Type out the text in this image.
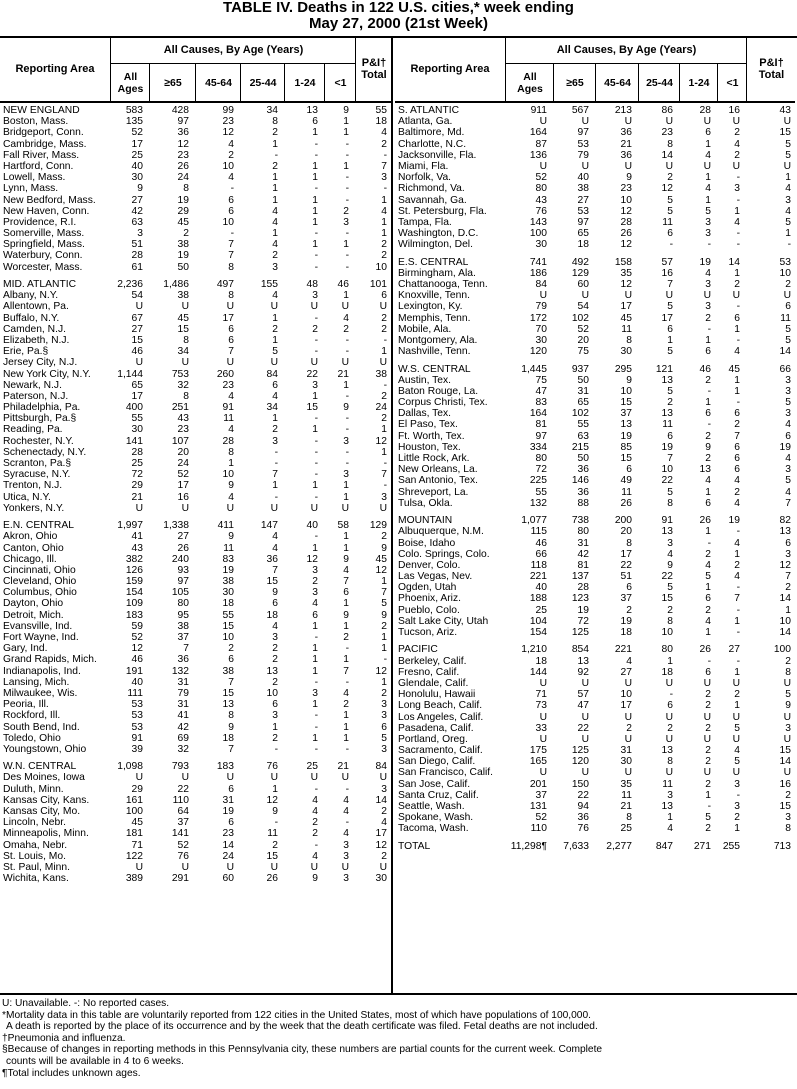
TABLE IV. Deaths in 122 U.S. cities,* week ending
May 27, 2000 (21st Week)
Reporting Area
All Causes, By Age (Years)
P&I†
Total
All
Ages	≥65	45-64	25-44	1-24	<1
NEW ENGLAND	583	428	99	34	13 9	55
Boston, Mass.	135	97	23	8	6 1	18
Bridgeport, Conn.	52	36	12	2	1 1	4
Cambridge, Mass.	17	12	4	1	-	-	2
Fall River, Mass.	25	23	2	-	-	-	-
Hartford, Conn.	40	26	10	2	1 1	7
Lowell, Mass.	30	24	4	1	1	-	3
Lynn, Mass.	9	8	-	1	-	-	-
New Bedford, Mass.	27	19	6	1	1	-	1
New Haven, Conn.	42	29	6	4	1 2	4
Providence, R.I.	63	45	10	4	1 3	1
Somerville, Mass.	3	2	-	1	-	-	1
Springfield, Mass.	51	38	7	4	1 1	2
Waterbury, Conn.	28	19	7	2	-	-	2
Worcester, Mass.	61	50	8	3	-	-	10
MID. ATLANTIC	2,236 1,486	497	155	48 46 101
Albany, N.Y.	54	38	8	4	3 1	6
Allentown, Pa.	U	U	U	U	U U	U
Buffalo, N.Y.	67	45	17	1	- 4	2
Camden, N.J.	27	15	6	2	2 2	2
Elizabeth, N.J.	15	8	6	1	-	-	-
Erie, Pa.§	46	34	7	5	-	-	1
Jersey City, N.J.	U	U	U	U	U U	U
New York City, N.Y.	1,144	753	260	84	22 21	38
Newark, N.J.	65	32	23	6	3 1	-
Paterson, N.J.	17	8	4	4	1	-	2
Philadelphia, Pa.	400	251	91	34	15 9	24
Pittsburgh, Pa.§	55	43	11	1	-	-	2
Reading, Pa.	30	23	4	2	1	-	1
Rochester, N.Y.	141	107	28	3	- 3	12
Schenectady, N.Y.	28	20	8	-	-	-	1
Scranton, Pa.§	25	24	1	-	-	-	-
Syracuse, N.Y.	72	52	10	7	- 3	7
Trenton, N.J.	29	17	9	1	1 1	-
Utica, N.Y.	21	16	4	-	- 1	3
Yonkers, N.Y.	U	U	U	U	U U	U
E.N. CENTRAL	1,997 1,338	411	147	40 58 129
Akron, Ohio	41	27	9	4	- 1	2
Canton, Ohio	43	26	11	4	1 1	9
Chicago, Ill.	382	240	83	36	12 9	45
Cincinnati, Ohio	126	93	19	7	3 4	12
Cleveland, Ohio	159	97	38	15	2 7	1
Columbus, Ohio	154	105	30	9	3 6	7
Dayton, Ohio	109	80	18	6	4 1	5
Detroit, Mich.	183	95	55	18	6 9	9
Evansville, Ind.	59	38	15	4	1 1	2
Fort Wayne, Ind.	52	37	10	3	- 2	1
Gary, Ind.	12	7	2	2	1	-	1
Grand Rapids, Mich.	46	36	6	2	1 1	-
Indianapolis, Ind.	191	132	38	13	1 7	12
Lansing, Mich.	40	31	7	2	-	-	1
Milwaukee, Wis.	111	79	15	10	3 4	2
Peoria, Ill.	53	31	13	6	1 2	3
Rockford, Ill.	53	41	8	3	- 1	3
South Bend, Ind.	53	42	9	1	- 1	6
Toledo, Ohio	91	69	18	2	1 1	5
Youngstown, Ohio	39	32	7	-	-	-	3
W.N. CENTRAL	1,098	793	183	76	25 21	84
Des Moines, Iowa	U	U	U	U	U U	U
Duluth, Minn.	29	22	6	1	-	-	3
Kansas City, Kans.	161	110	31	12	4 4	14
Kansas City, Mo.	100	64	19	9	4 4	2
Lincoln, Nebr.	45	37	6	-	2	-	4
Minneapolis, Minn.	181	141	23	11	2 4	17
Omaha, Nebr.	71	52	14	2	- 3	12
St. Louis, Mo.	122	76	24	15	4 3	2
St. Paul, Minn.	U	U	U	U	U U	U
Wichita, Kans.	389	291	60	26	9 3	30
Reporting Area
All Causes, By Age (Years)
P&I†
Total
All
Ages	≥65	45-64	25-44	1-24	<1
S. ATLANTIC	911 567	213	86	28 16	43
Atlanta, Ga.	U	U	U	U	U U	U
Baltimore, Md.	164	97	36	23	6 2	15
Charlotte, N.C.	87	53	21	8	1 4	5
Jacksonville, Fla.	136	79	36	14	4 2	5
Miami, Fla.	U	U	U	U	U U	U
Norfolk, Va.	52	40	9	2	1 -	1
Richmond, Va.	80	38	23	12	4 3	4
Savannah, Ga.	43	27	10	5	1 -	3
St. Petersburg, Fla.	76	53	12	5	5 1	4
Tampa, Fla.	143	97	28	11	3 4	5
Washington, D.C.	100	65	26	6	3 -	1
Wilmington, Del.	30	18	12	-	- -	-
E.S. CENTRAL	741 492	158	57	19 14	53
Birmingham, Ala.	186 129	35	16	4 1	10
Chattanooga, Tenn.	84	60	12	7	3 2	2
Knoxville, Tenn.	U	U	U	U	U U	U
Lexington, Ky.	79	54	17	5	3 -	6
Memphis, Tenn.	172 102	45	17	2 6	11
Mobile, Ala.	70	52	11	6	- 1	5
Montgomery, Ala.	30	20	8	1	1 -	5
Nashville, Tenn.	120	75	30	5	6 4	14
W.S. CENTRAL	1,445 937	295 121	46 45	66
Austin, Tex.	75	50	9	13	2 1	3
Baton Rouge, La.	47	31	10	5	- 1	3
Corpus Christi, Tex.	83	65	15	2	1 -	5
Dallas, Tex.	164 102	37	13	6 6	3
El Paso, Tex.	81	55	13	11	- 2	4
Ft. Worth, Tex.	97	63	19	6	2 7	6
Houston, Tex.	334 215	85	19	9 6	19
Little Rock, Ark.	80	50	15	7	2 6	4
New Orleans, La.	72	36	6	10	13 6	3
San Antonio, Tex.	225 146	49	22	4 4	5
Shreveport, La.	55	36	11	5	1 2	4
Tulsa, Okla.	132	88	26	8	6 4	7
MOUNTAIN	1,077 738	200	91	26 19	82
Albuquerque, N.M.	115	80	20	13	1 -	13
Boise, Idaho	46	31	8	3	- 4	6
Colo. Springs, Colo.	66	42	17	4	2 1	3
Denver, Colo.	118	81	22	9	4 2	12
Las Vegas, Nev.	221 137	51	22	5 4	7
Ogden, Utah	40	28	6	5	1 -	2
Phoenix, Ariz.	188 123	37	15	6 7	14
Pueblo, Colo.	25	19	2	2	2 -	1
Salt Lake City, Utah	104	72	19	8	4 1	10
Tucson, Ariz.	154 125	18	10	1 -	14
PACIFIC	1,210 854	221	80	26 27	100
Berkeley, Calif.	18	13	4	1	- -	2
Fresno, Calif.	144	92	27	18	6 1	8
Glendale, Calif.	U	U	U	U	U U	U
Honolulu, Hawaii	71	57	10	-	2 2	5
Long Beach, Calif.	73	47	17	6	2 1	9
Los Angeles, Calif.	U	U	U	U	U U	U
Pasadena, Calif.	33	22	2	2	2 5	3
Portland, Oreg.	U	U	U	U	U U	U
Sacramento, Calif.	175 125	31	13	2 4	15
San Diego, Calif.	165 120	30	8	2 5	14
San Francisco, Calif.	U	U	U	U	U U	U
San Jose, Calif.	201 150	35	11	2 3	16
Santa Cruz, Calif.	37	22	11	3	1 -	2
Seattle, Wash.	131	94	21	13	- 3	15
Spokane, Wash.	52	36	8	1	5 2	3
Tacoma, Wash.	110	76	25	4	2 1	8
TOTAL	11,298¶ 7,633 2,277 847 271 255	713
U: Unavailable. -: No reported cases.
*Mortality data in this table are voluntarily reported from 122 cities in the United States, most of which have populations of 100,000.
A death is reported by the place of its occurrence and by the week that the death certificate was filed. Fetal deaths are not included.
†Pneumonia and influenza.
§Because of changes in reporting methods in this Pennsylvania city, these numbers are partial counts for the current week. Complete
counts will be available in 4 to 6 weeks.
¶Total includes unknown ages.
